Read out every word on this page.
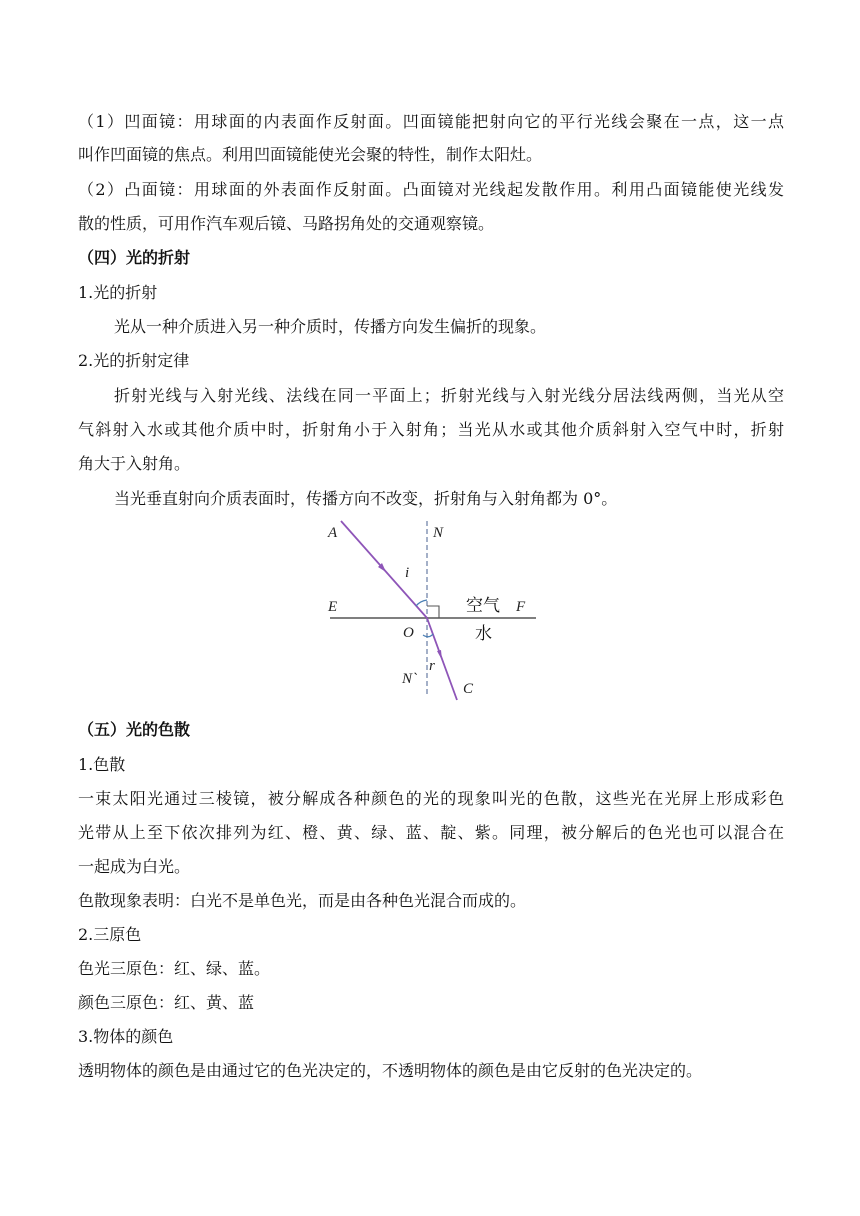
（1）凹面镜：用球面的内表面作反射面。凹面镜能把射向它的平行光线会聚在一点，这一点
叫作凹面镜的焦点。利用凹面镜能使光会聚的特性，制作太阳灶。
（2）凸面镜：用球面的外表面作反射面。凸面镜对光线起发散作用。利用凸面镜能使光线发
散的性质，可用作汽车观后镜、马路拐角处的交通观察镜。
（四）光的折射
1.光的折射
光从一种介质进入另一种介质时，传播方向发生偏折的现象。
2.光的折射定律
折射光线与入射光线、法线在同一平面上；折射光线与入射光线分居法线两侧，当光从空
气斜射入水或其他介质中时，折射角小于入射角；当光从水或其他介质斜射入空气中时，折射
角大于入射角。
当光垂直射向介质表面时，传播方向不改变，折射角与入射角都为 0°。
A	N
i
E	空气 F
O	水
r
N`
C
（五）光的色散
1.色散
一束太阳光通过三棱镜，被分解成各种颜色的光的现象叫光的色散，这些光在光屏上形成彩色
光带从上至下依次排列为红、橙、黄、绿、蓝、靛、紫。同理，被分解后的色光也可以混合在
一起成为白光。
色散现象表明：白光不是单色光，而是由各种色光混合而成的。
2.三原色
色光三原色：红、绿、蓝。
颜色三原色：红、黄、蓝
3.物体的颜色
透明物体的颜色是由通过它的色光决定的，不透明物体的颜色是由它反射的色光决定的。
